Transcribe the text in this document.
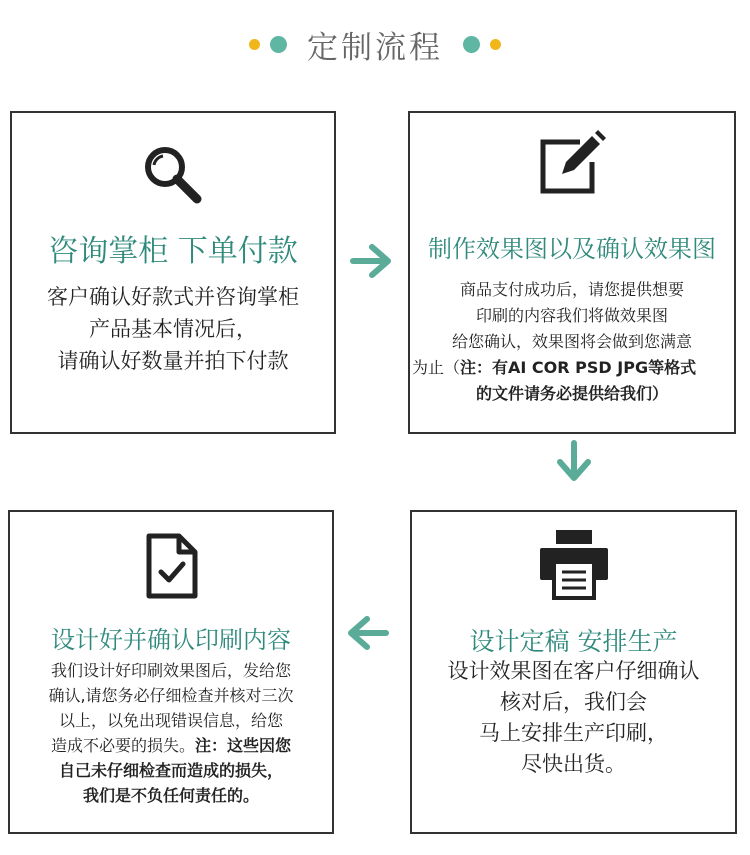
定制流程
咨询掌柜 下单付款

客户确认好款式并咨询掌柜

产品基本情况后，

请确认好数量并拍下付款

制作效果图以及确认效果图

商品支付成功后，请您提供想要

印刷的内容我们将做效果图

给您确认，效果图将会做到您满意

为止（注：有AI COR PSD JPG等格式

的文件请务必提供给我们）

设计好并确认印刷内容

我们设计好印刷效果图后，发给您

确认,请您务必仔细检查并核对三次

以上，以免出现错误信息，给您

造成不必要的损失。注：这些因您

自己未仔细检查而造成的损失，

我们是不负任何责任的。

设计定稿 安排生产

设计效果图在客户仔细确认

核对后，我们会

马上安排生产印刷，

尽快出货。
